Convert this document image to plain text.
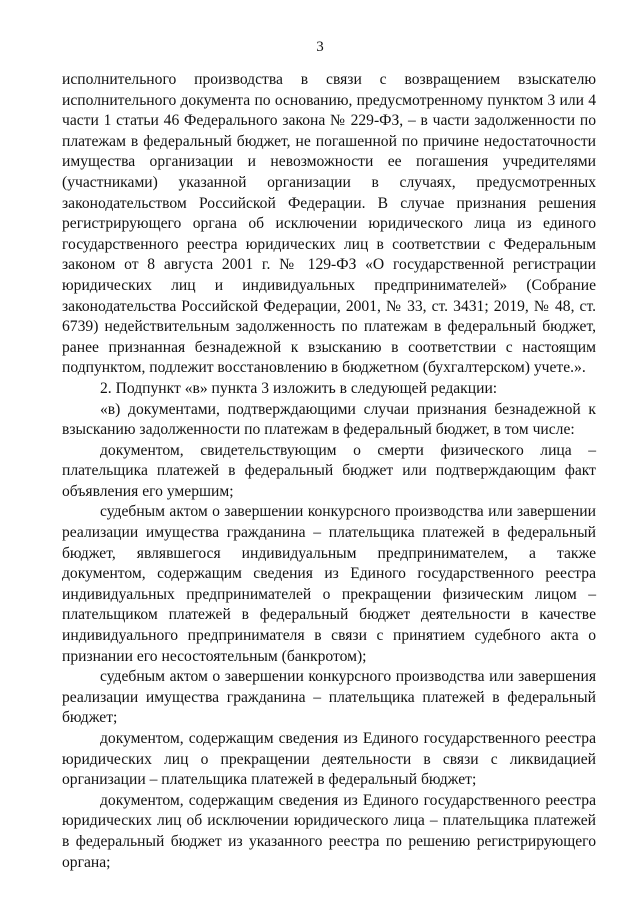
3

исполнительного производства в связи с возвращением взыскателю исполнительного документа по основанию, предусмотренному пунктом 3 или 4 части 1 статьи 46 Федерального закона № 229-ФЗ, – в части задолженности по платежам в федеральный бюджет, не погашенной по причине недостаточности имущества организации и невозможности ее погашения учредителями (участниками) указанной организации в случаях, предусмотренных законодательством Российской Федерации. В случае признания решения регистрирующего органа об исключении юридического лица из единого государственного реестра юридических лиц в соответствии с Федеральным законом от 8 августа 2001 г. № 129-ФЗ «О государственной регистрации юридических лиц и индивидуальных предпринимателей» (Собрание законодательства Российской Федерации, 2001, № 33, ст. 3431; 2019, № 48, ст. 6739) недействительным задолженность по платежам в федеральный бюджет, ранее признанная безнадежной к взысканию в соответствии с настоящим подпунктом, подлежит восстановлению в бюджетном (бухгалтерском) учете.».

2. Подпункт «в» пункта 3 изложить в следующей редакции:

«в) документами, подтверждающими случаи признания безнадежной к взысканию задолженности по платежам в федеральный бюджет, в том числе:

документом, свидетельствующим о смерти физического лица – плательщика платежей в федеральный бюджет или подтверждающим факт объявления его умершим;

судебным актом о завершении конкурсного производства или завершении реализации имущества гражданина – плательщика платежей в федеральный бюджет, являвшегося индивидуальным предпринимателем, а также документом, содержащим сведения из Единого государственного реестра индивидуальных предпринимателей о прекращении физическим лицом – плательщиком платежей в федеральный бюджет деятельности в качестве индивидуального предпринимателя в связи с принятием судебного акта о признании его несостоятельным (банкротом);

судебным актом о завершении конкурсного производства или завершения реализации имущества гражданина – плательщика платежей в федеральный бюджет;

документом, содержащим сведения из Единого государственного реестра юридических лиц о прекращении деятельности в связи с ликвидацией организации – плательщика платежей в федеральный бюджет;

документом, содержащим сведения из Единого государственного реестра юридических лиц об исключении юридического лица – плательщика платежей в федеральный бюджет из указанного реестра по решению регистрирующего органа;
